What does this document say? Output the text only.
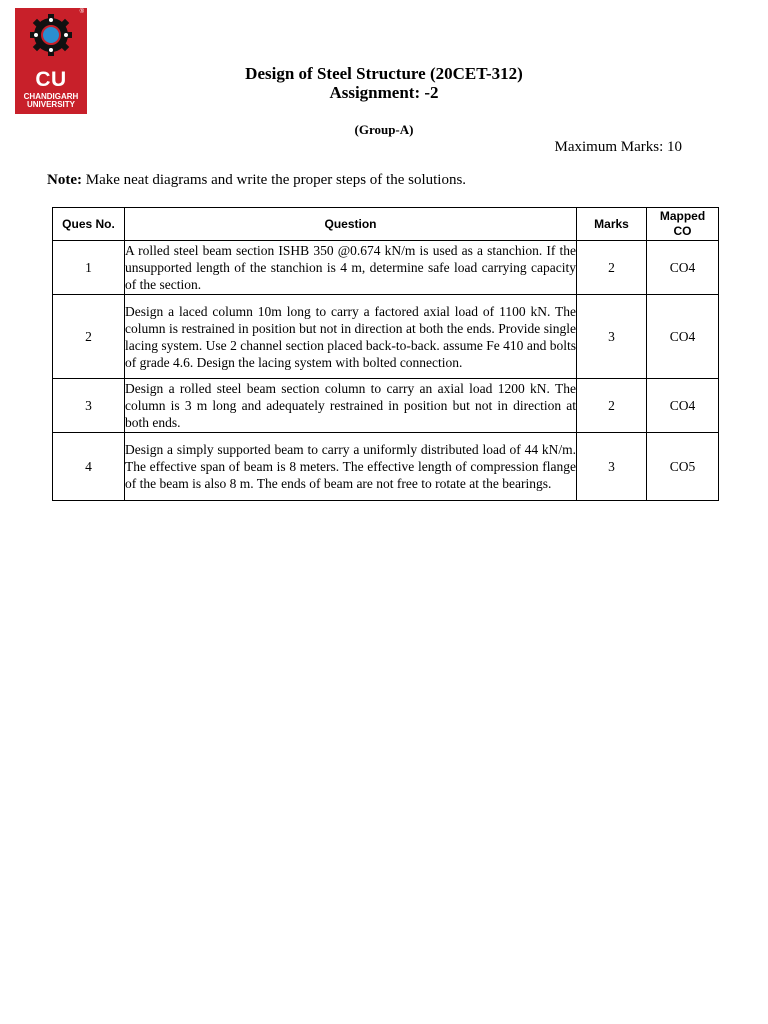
®
CU
CHANDIGARH
UNIVERSITY
Design of Steel Structure (20CET-312)
Assignment: -2
(Group-A)
Maximum Marks: 10
Note: Make neat diagrams and write the proper steps of the solutions.
Ques No.	Question	Marks	Mapped
CO

1	A rolled steel beam section ISHB 350 @0.674 kN/m is used as a stanchion. If the unsupported length of the stanchion is 4 m, determine safe load carrying capacity of the section.	2	CO4
2	Design a laced column 10m long to carry a factored axial load of 1100 kN. The column is restrained in position but not in direction at both the ends. Provide single lacing system. Use 2 channel section placed back-to-back. assume Fe 410 and bolts of grade 4.6. Design the lacing system with bolted connection.	3	CO4
3	Design a rolled steel beam section column to carry an axial load 1200 kN. The column is 3 m long and adequately restrained in position but not in direction at both ends.	2	CO4
4	Design a simply supported beam to carry a uniformly distributed load of 44 kN/m. The effective span of beam is 8 meters. The effective length of compression flange of the beam is also 8 m. The ends of beam are not free to rotate at the bearings.	3	CO5
